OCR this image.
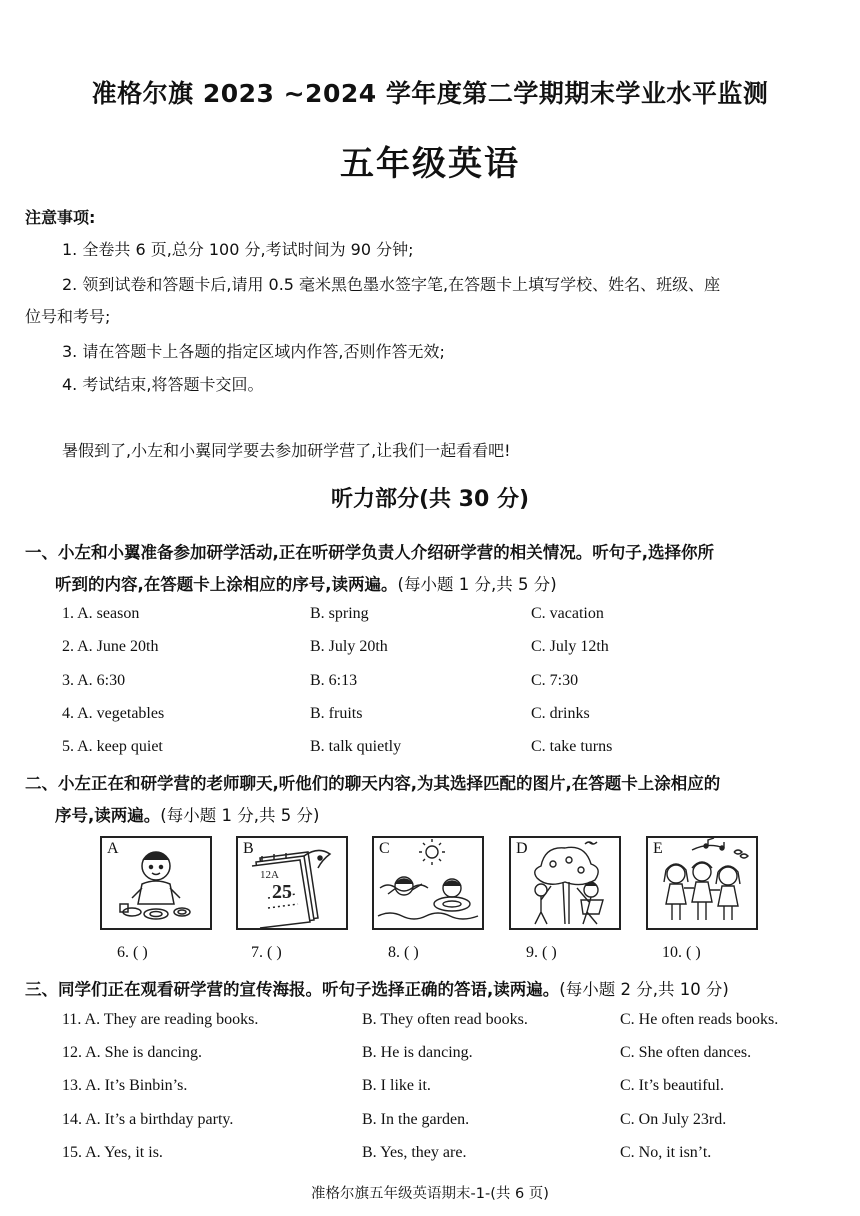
准格尔旗 2023 ~2024 学年度第二学期期末学业水平监测
五年级英语
注意事项:
1. 全卷共 6 页,总分 100 分,考试时间为 90 分钟;
2. 领到试卷和答题卡后,请用 0.5 毫米黑色墨水签字笔,在答题卡上填写学校、姓名、班级、座
位号和考号;
3. 请在答题卡上各题的指定区域内作答,否则作答无效;
4. 考试结束,将答题卡交回。
暑假到了,小左和小翼同学要去参加研学营了,让我们一起看看吧!
听力部分(共 30 分)
一、小左和小翼准备参加研学活动,正在听研学负责人介绍研学营的相关情况。听句子,选择你所
听到的内容,在答题卡上涂相应的序号,读两遍。(每小题 1 分,共 5 分)
1. A. season	B. spring	C. vacation
2. A. June 20th	B. July 20th	C. July 12th
3. A. 6:30	B. 6:13	C. 7:30
4. A. vegetables	B. fruits	C. drinks
5. A. keep quiet	B. talk quietly	C. take turns
二、小左正在和研学营的老师聊天,听他们的聊天内容,为其选择匹配的图片,在答题卡上涂相应的
序号,读两遍。(每小题 1 分,共 5 分)
A	B
12A
25
C	D	E
6. ( )	7. ( )	8. ( )	9. ( )	10. ( )
三、同学们正在观看研学营的宣传海报。听句子选择正确的答语,读两遍。(每小题 2 分,共 10 分)
11. A. They are reading books.	B. They often read books.	C. He often reads books.
12. A. She is dancing.	B. He is dancing.	C. She often dances.
13. A. It’s Binbin’s.	B. I like it.	C. It’s beautiful.
14. A. It’s a birthday party.	B. In the garden.	C. On July 23rd.
15. A. Yes, it is.	B. Yes, they are.	C. No, it isn’t.
准格尔旗五年级英语期末-1-(共 6 页)
